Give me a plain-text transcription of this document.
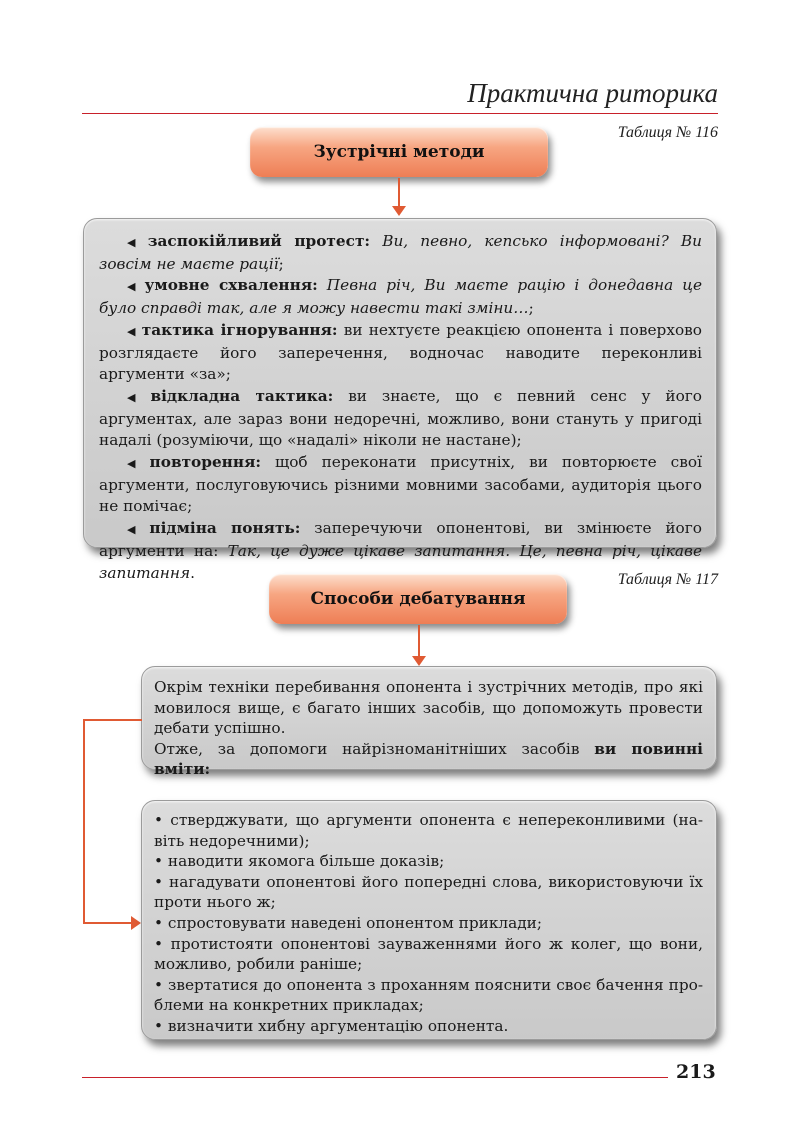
Практична риторика
Таблиця № 116
Зустрічні методи

◀ заспокійливий протест: Ви, певно, кепсько інформовані? Ви зовсім не маєте рації;

◀ умовне схвалення: Певна річ, Ви маєте рацію і донедавна це було справді так, але я можу навести такі зміни…;

◀ тактика ігнорування: ви нехтуєте реакцією опонента і поверхово розглядаєте його заперечення, водночас наводите переконливі аргументи «за»;

◀ відкладна тактика: ви знаєте, що є певний сенс у його аргументах, але зараз вони недоречні, можливо, вони стануть у пригоді надалі (розуміючи, що «надалі» ніколи не настане);

◀ повторення: щоб переконати присутніх, ви повторюєте свої аргументи, послуговуючись різними мовними засобами, аудиторія цього не помічає;

◀ підміна понять: заперечуючи опонентові, ви змінюєте його аргументи на: Так, це дуже цікаве запитання. Це, певна річ, цікаве запитання.	Таблиця № 117
Способи дебатування

Окрім техніки перебивання опонента і зустрічних методів, про які мовилося вище, є багато інших засобів, що допоможуть провести дебати успішно.

Отже, за допомоги найрізноманітніших засобів ви повинні вміти:

• стверджувати, що аргументи опонента є непереконливими (на-

віть недоречними);

• наводити якомога більше доказів;

• нагадувати опонентові його попередні слова, використовуючи їх

проти нього ж;

• спростовувати наведені опонентом приклади;

• протистояти опонентові зауваженнями його ж колег, що вони,

можливо, робили раніше;

• звертатися до опонента з проханням пояснити своє бачення про-

блеми на конкретних прикладах;

• визначити хибну аргументацію опонента.

213
